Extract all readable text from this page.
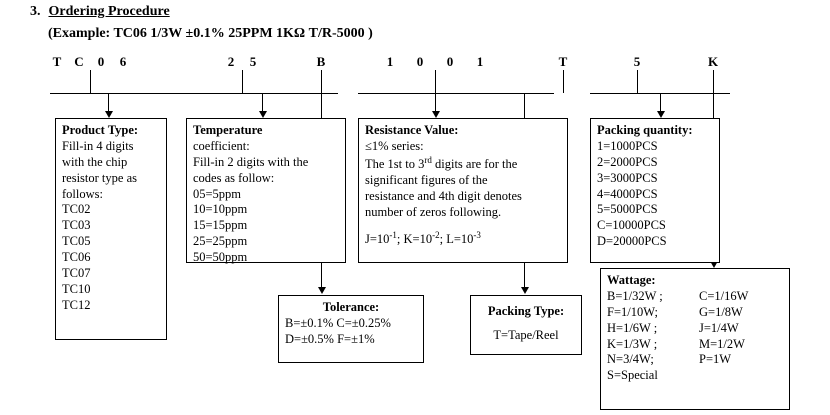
3. Ordering Procedure
(Example: TC06 1/3W ±0.1% 25PPM 1KΩ T/R-5000 )
T C 0 6	2 5	B	1 0 0 1	T	5	K
Product Type:
Fill-in 4 digits
with the chip
resistor type as
follows:
TC02
TC03
TC05
TC06
TC07
TC10
TC12
Temperature
coefficient:
Fill-in 2 digits with the
codes as follow:
05=5ppm
10=10ppm
15=15ppm
25=25ppm
50=50ppm
Resistance Value:
≤1% series:
The 1st to 3rd digits are for the
significant figures of the
resistance and 4th digit denotes
number of zeros following.
$J=10^{-1}$; $K=10^{-2}$; $L=10^{-3}$
Packing quantity:
1=1000PCS
2=2000PCS
3=3000PCS
4=4000PCS
5=5000PCS
C=10000PCS
D=20000PCS
Tolerance:
B=±0.1% C=±0.25%
D=±0.5% F=±1%
Packing Type:
T=Tape/Reel
Wattage:
B=1/32W ;	C=1/16W
F=1/10W;	G=1/8W
H=1/6W ;	J=1/4W
K=1/3W ;	M=1/2W
N=3/4W;	P=1W
S=Special
